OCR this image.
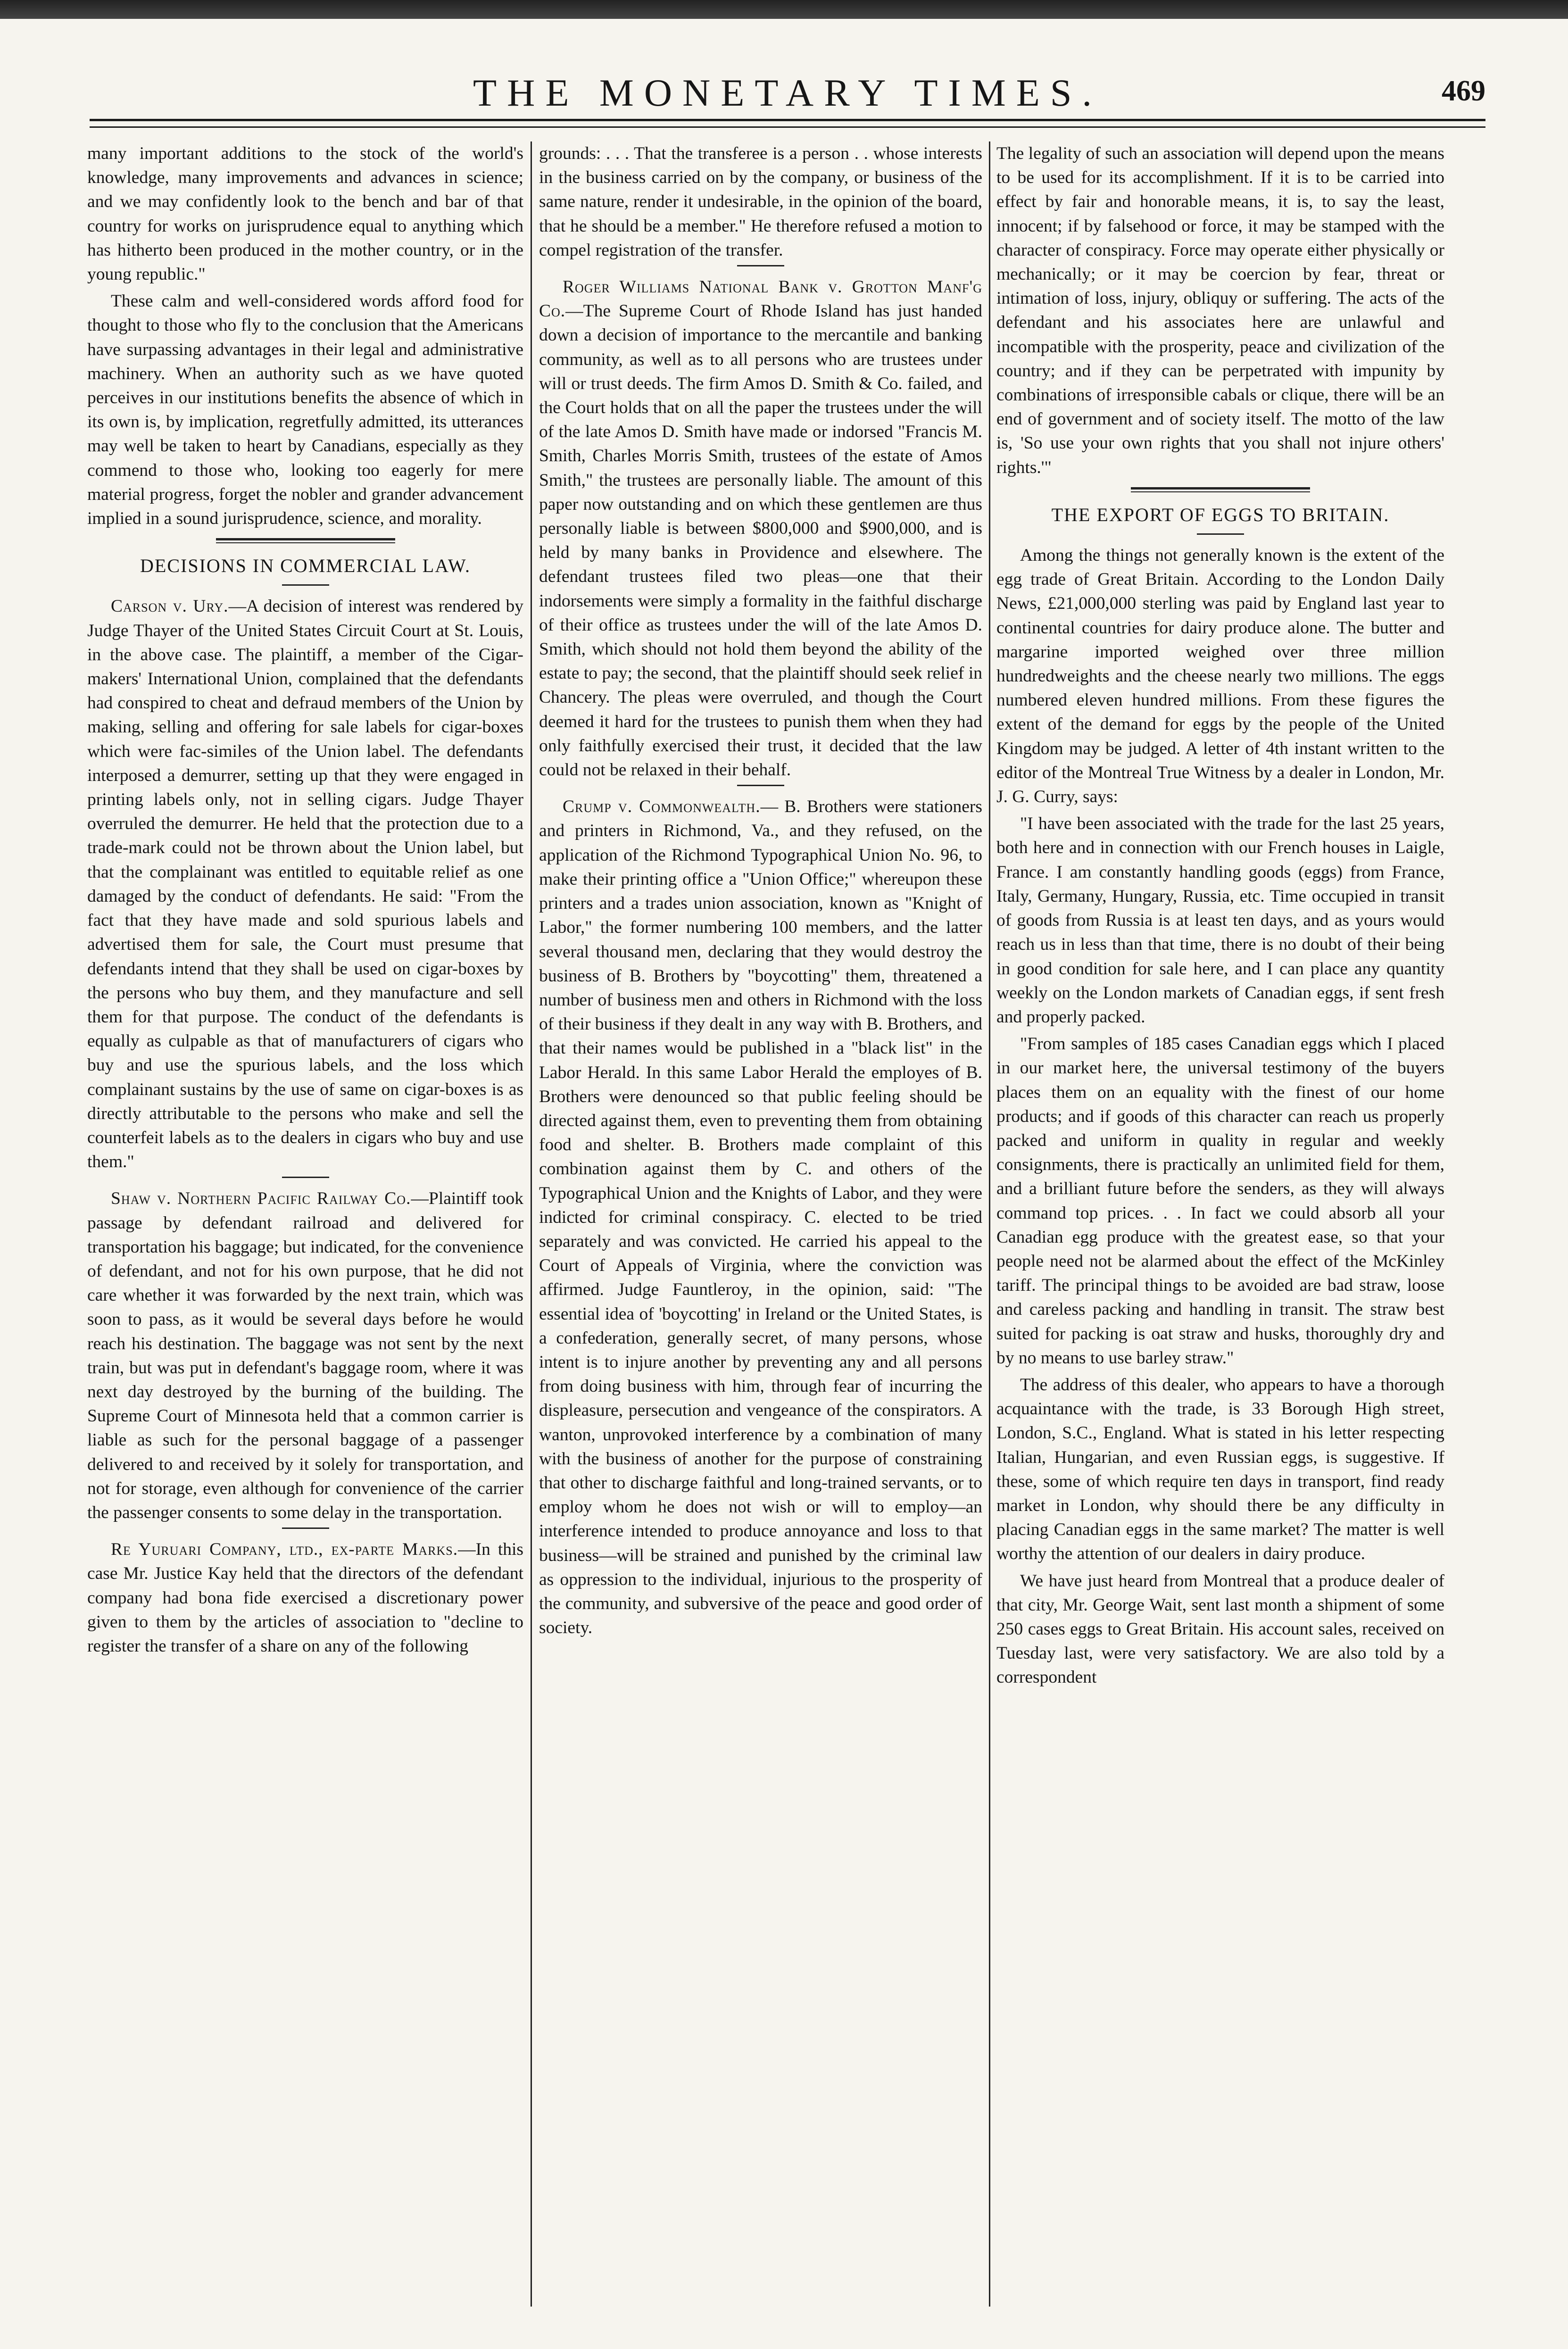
THE MONETARY TIMES.	469

many important additions to the stock of the world's knowledge, many improvements and advances in science; and we may confidently look to the bench and bar of that country for works on jurisprudence equal to anything which has hitherto been produced in the mother country, or in the young republic."

These calm and well-considered words afford food for thought to those who fly to the conclusion that the Americans have surpassing advantages in their legal and administrative machinery. When an authority such as we have quoted perceives in our institutions benefits the absence of which in its own is, by implication, regretfully admitted, its utterances may well be taken to heart by Canadians, especially as they commend to those who, looking too eagerly for mere material progress, forget the nobler and grander advancement implied in a sound jurisprudence, science, and morality.

DECISIONS IN COMMERCIAL LAW.

Carson v. Ury.—A decision of interest was rendered by Judge Thayer of the United States Circuit Court at St. Louis, in the above case. The plaintiff, a member of the Cigar-makers' International Union, complained that the defendants had conspired to cheat and defraud members of the Union by making, selling and offering for sale labels for cigar-boxes which were fac-similes of the Union label. The defendants interposed a demurrer, setting up that they were engaged in printing labels only, not in selling cigars. Judge Thayer overruled the demurrer. He held that the protection due to a trade-mark could not be thrown about the Union label, but that the complainant was entitled to equitable relief as one damaged by the conduct of defendants. He said: "From the fact that they have made and sold spurious labels and advertised them for sale, the Court must presume that defendants intend that they shall be used on cigar-boxes by the persons who buy them, and they manufacture and sell them for that purpose. The conduct of the defendants is equally as culpable as that of manufacturers of cigars who buy and use the spurious labels, and the loss which complainant sustains by the use of same on cigar-boxes is as directly attributable to the persons who make and sell the counterfeit labels as to the dealers in cigars who buy and use them."

Shaw v. Northern Pacific Railway Co.—Plaintiff took passage by defendant railroad and delivered for transportation his baggage; but indicated, for the convenience of defendant, and not for his own purpose, that he did not care whether it was forwarded by the next train, which was soon to pass, as it would be several days before he would reach his destination. The baggage was not sent by the next train, but was put in defendant's baggage room, where it was next day destroyed by the burning of the building. The Supreme Court of Minnesota held that a common carrier is liable as such for the personal baggage of a passenger delivered to and received by it solely for transportation, and not for storage, even although for convenience of the carrier the passenger consents to some delay in the transportation.

Re Yuruari Company, ltd., ex-parte Marks.—In this case Mr. Justice Kay held that the directors of the defendant company had bona fide exercised a discretionary power given to them by the articles of association to "decline to register the transfer of a share on any of the following

grounds: . . . That the transferee is a person . . whose interests in the business carried on by the company, or business of the same nature, render it undesirable, in the opinion of the board, that he should be a member." He therefore refused a motion to compel registration of the transfer.

Roger Williams National Bank v. Grotton Manf'g Co.—The Supreme Court of Rhode Island has just handed down a decision of importance to the mercantile and banking community, as well as to all persons who are trustees under will or trust deeds. The firm Amos D. Smith & Co. failed, and the Court holds that on all the paper the trustees under the will of the late Amos D. Smith have made or indorsed "Francis M. Smith, Charles Morris Smith, trustees of the estate of Amos Smith," the trustees are personally liable. The amount of this paper now outstanding and on which these gentlemen are thus personally liable is between $800,000 and $900,000, and is held by many banks in Providence and elsewhere. The defendant trustees filed two pleas—one that their indorsements were simply a formality in the faithful discharge of their office as trustees under the will of the late Amos D. Smith, which should not hold them beyond the ability of the estate to pay; the second, that the plaintiff should seek relief in Chancery. The pleas were overruled, and though the Court deemed it hard for the trustees to punish them when they had only faithfully exercised their trust, it decided that the law could not be relaxed in their behalf.

Crump v. Commonwealth.— B. Brothers were stationers and printers in Richmond, Va., and they refused, on the application of the Richmond Typographical Union No. 96, to make their printing office a "Union Office;" whereupon these printers and a trades union association, known as "Knight of Labor," the former numbering 100 members, and the latter several thousand men, declaring that they would destroy the business of B. Brothers by "boycotting" them, threatened a number of business men and others in Richmond with the loss of their business if they dealt in any way with B. Brothers, and that their names would be published in a "black list" in the Labor Herald. In this same Labor Herald the employes of B. Brothers were denounced so that public feeling should be directed against them, even to preventing them from obtaining food and shelter. B. Brothers made complaint of this combination against them by C. and others of the Typographical Union and the Knights of Labor, and they were indicted for criminal conspiracy. C. elected to be tried separately and was convicted. He carried his appeal to the Court of Appeals of Virginia, where the conviction was affirmed. Judge Fauntleroy, in the opinion, said: "The essential idea of 'boycotting' in Ireland or the United States, is a confederation, generally secret, of many persons, whose intent is to injure another by preventing any and all persons from doing business with him, through fear of incurring the displeasure, persecution and vengeance of the conspirators. A wanton, unprovoked interference by a combination of many with the business of another for the purpose of constraining that other to discharge faithful and long-trained servants, or to employ whom he does not wish or will to employ—an interference intended to produce annoyance and loss to that business—will be strained and punished by the criminal law as oppression to the individual, injurious to the prosperity of the community, and subversive of the peace and good order of society.

The legality of such an association will depend upon the means to be used for its accomplishment. If it is to be carried into effect by fair and honorable means, it is, to say the least, innocent; if by falsehood or force, it may be stamped with the character of conspiracy. Force may operate either physically or mechanically; or it may be coercion by fear, threat or intimation of loss, injury, obliquy or suffering. The acts of the defendant and his associates here are unlawful and incompatible with the prosperity, peace and civilization of the country; and if they can be perpetrated with impunity by combinations of irresponsible cabals or clique, there will be an end of government and of society itself. The motto of the law is, 'So use your own rights that you shall not injure others' rights.'"

THE EXPORT OF EGGS TO BRITAIN.

Among the things not generally known is the extent of the egg trade of Great Britain. According to the London Daily News, £21,000,000 sterling was paid by England last year to continental countries for dairy produce alone. The butter and margarine imported weighed over three million hundredweights and the cheese nearly two millions. The eggs numbered eleven hundred millions. From these figures the extent of the demand for eggs by the people of the United Kingdom may be judged. A letter of 4th instant written to the editor of the Montreal True Witness by a dealer in London, Mr. J. G. Curry, says:

"I have been associated with the trade for the last 25 years, both here and in connection with our French houses in Laigle, France. I am constantly handling goods (eggs) from France, Italy, Germany, Hungary, Russia, etc. Time occupied in transit of goods from Russia is at least ten days, and as yours would reach us in less than that time, there is no doubt of their being in good condition for sale here, and I can place any quantity weekly on the London markets of Canadian eggs, if sent fresh and properly packed.

"From samples of 185 cases Canadian eggs which I placed in our market here, the universal testimony of the buyers places them on an equality with the finest of our home products; and if goods of this character can reach us properly packed and uniform in quality in regular and weekly consignments, there is practically an unlimited field for them, and a brilliant future before the senders, as they will always command top prices. . . In fact we could absorb all your Canadian egg produce with the greatest ease, so that your people need not be alarmed about the effect of the McKinley tariff. The principal things to be avoided are bad straw, loose and careless packing and handling in transit. The straw best suited for packing is oat straw and husks, thoroughly dry and by no means to use barley straw."

The address of this dealer, who appears to have a thorough acquaintance with the trade, is 33 Borough High street, London, S.C., England. What is stated in his letter respecting Italian, Hungarian, and even Russian eggs, is suggestive. If these, some of which require ten days in transport, find ready market in London, why should there be any difficulty in placing Canadian eggs in the same market? The matter is well worthy the attention of our dealers in dairy produce.

We have just heard from Montreal that a produce dealer of that city, Mr. George Wait, sent last month a shipment of some 250 cases eggs to Great Britain. His account sales, received on Tuesday last, were very satisfactory. We are also told by a correspondent
